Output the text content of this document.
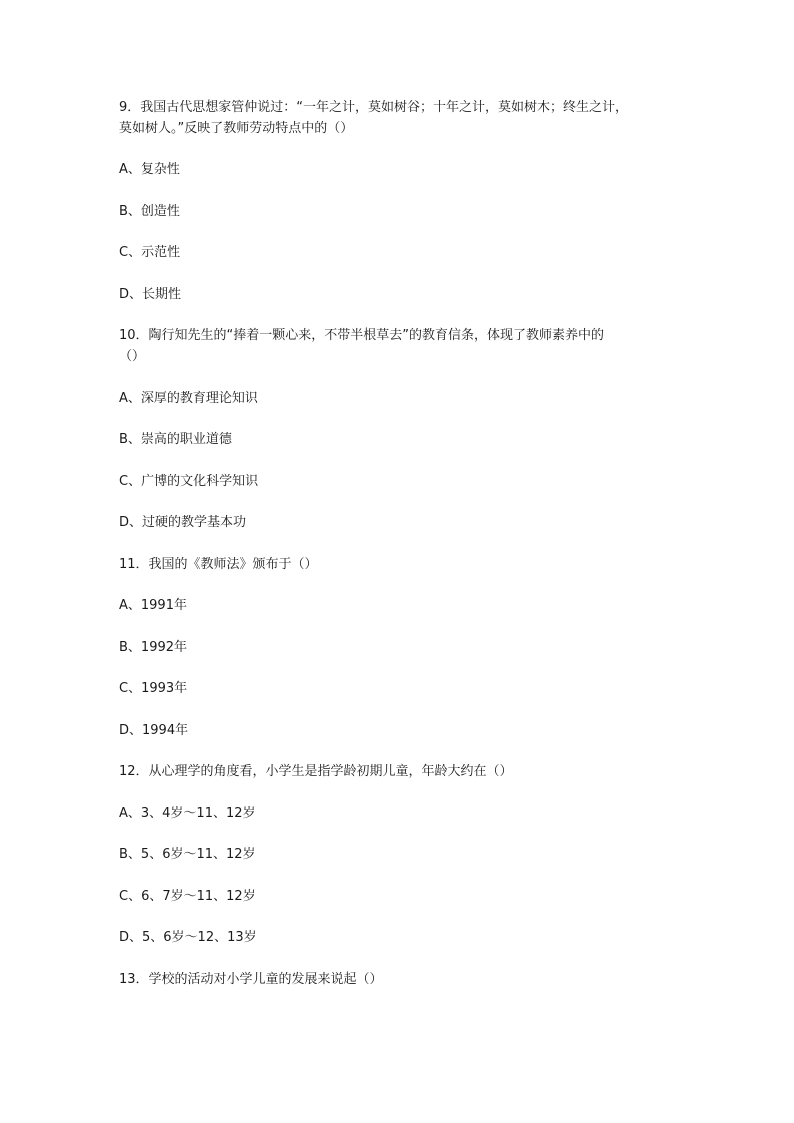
9．我国古代思想家管仲说过：“一年之计，莫如树谷；十年之计，莫如树木；终生之计，
莫如树人。”反映了教师劳动特点中的（）
A、复杂性
B、创造性
C、示范性
D、长期性
10．陶行知先生的“捧着一颗心来，不带半根草去”的教育信条，体现了教师素养中的
（）
A、深厚的教育理论知识
B、崇高的职业道德
C、广博的文化科学知识
D、过硬的教学基本功
11．我国的《教师法》颁布于（）
A、1991年
B、1992年
C、1993年
D、1994年
12．从心理学的角度看，小学生是指学龄初期儿童，年龄大约在（）
A、3、4岁～11、12岁
B、5、6岁～11、12岁
C、6、7岁～11、12岁
D、5、6岁～12、13岁
13．学校的活动对小学儿童的发展来说起（）
